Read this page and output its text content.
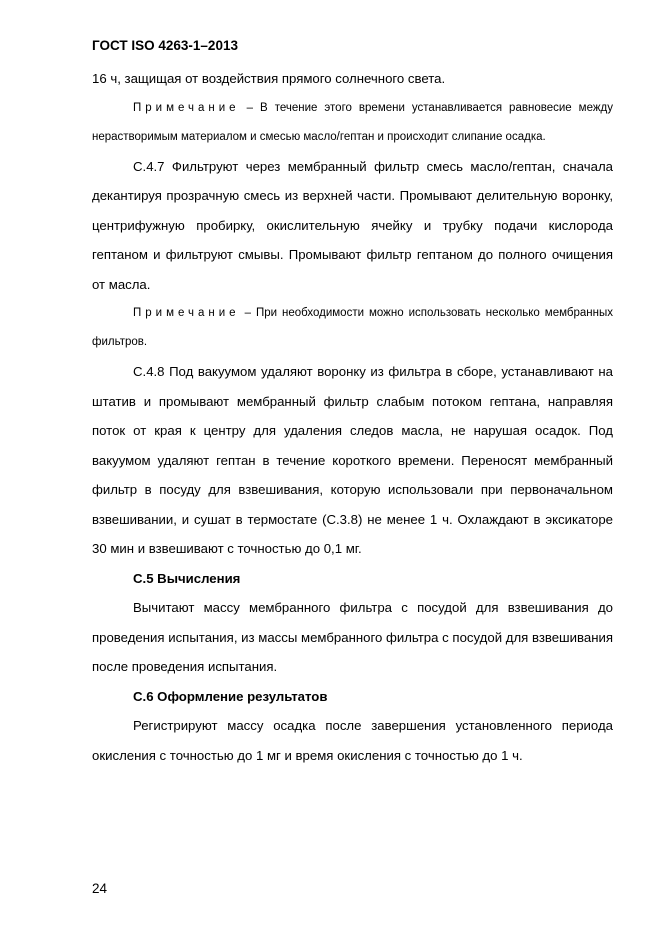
ГОСТ ISO 4263-1–2013

16 ч, защищая от воздействия прямого солнечного света.

Примечание – В течение этого времени устанавливается равновесие между нерастворимым материалом и смесью масло/гептан и происходит слипание осадка.

С.4.7 Фильтруют через мембранный фильтр смесь масло/гептан, сначала декантируя прозрачную смесь из верхней части. Промывают делительную воронку, центрифужную пробирку, окислительную ячейку и трубку подачи кислорода гептаном и фильтруют смывы. Промывают фильтр гептаном до полного очищения от масла.

Примечание – При необходимости можно использовать несколько мембранных фильтров.

С.4.8 Под вакуумом удаляют воронку из фильтра в сборе, устанавливают на штатив и промывают мембранный фильтр слабым потоком гептана, направляя поток от края к центру для удаления следов масла, не нарушая осадок. Под вакуумом удаляют гептан в течение короткого времени. Переносят мембранный фильтр в посуду для взвешивания, которую использовали при первоначальном взвешивании, и сушат в термостате (С.3.8) не менее 1 ч. Охлаждают в эксикаторе 30 мин и взвешивают с точностью до 0,1 мг.

С.5 Вычисления

Вычитают массу мембранного фильтра с посудой для взвешивания до проведения испытания, из массы мембранного фильтра с посудой для взвешивания после проведения испытания.

С.6 Оформление результатов

Регистрируют массу осадка после завершения установленного периода окисления с точностью до 1 мг и время окисления с точностью до 1 ч.

24
